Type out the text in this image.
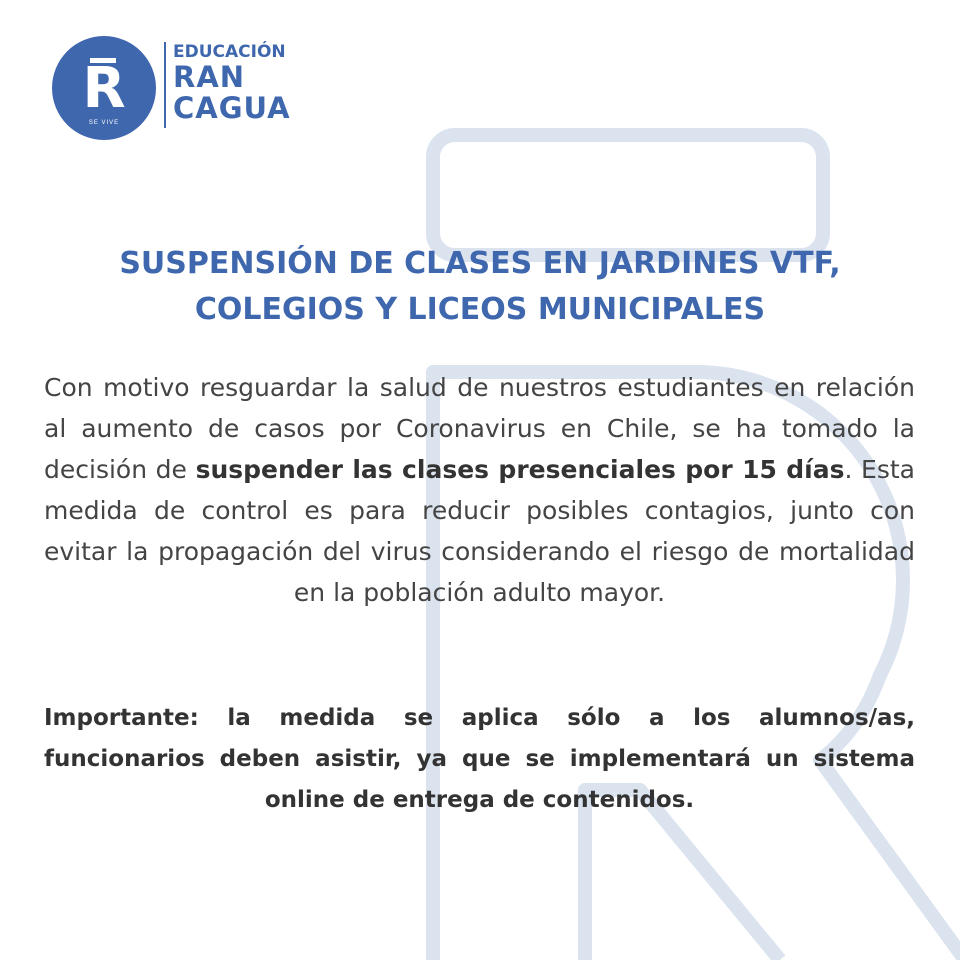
R
SE VIVE
EDUCACIÓN
RAN
CAGUA
SUSPENSIÓN DE CLASES EN JARDINES VTF,
COLEGIOS Y LICEOS MUNICIPALES

Con motivo resguardar la salud de nuestros estudiantes en relación al aumento de casos por Coronavirus en Chile, se ha tomado la decisión de suspender las clases presenciales por 15 días. Esta medida de control es para reducir posibles contagios, junto con evitar la propagación del virus considerando el riesgo de mortalidad en la población adulto mayor.

Importante: la medida se aplica sólo a los alumnos/as, funcionarios deben asistir, ya que se implementará un sistema online de entrega de contenidos.
